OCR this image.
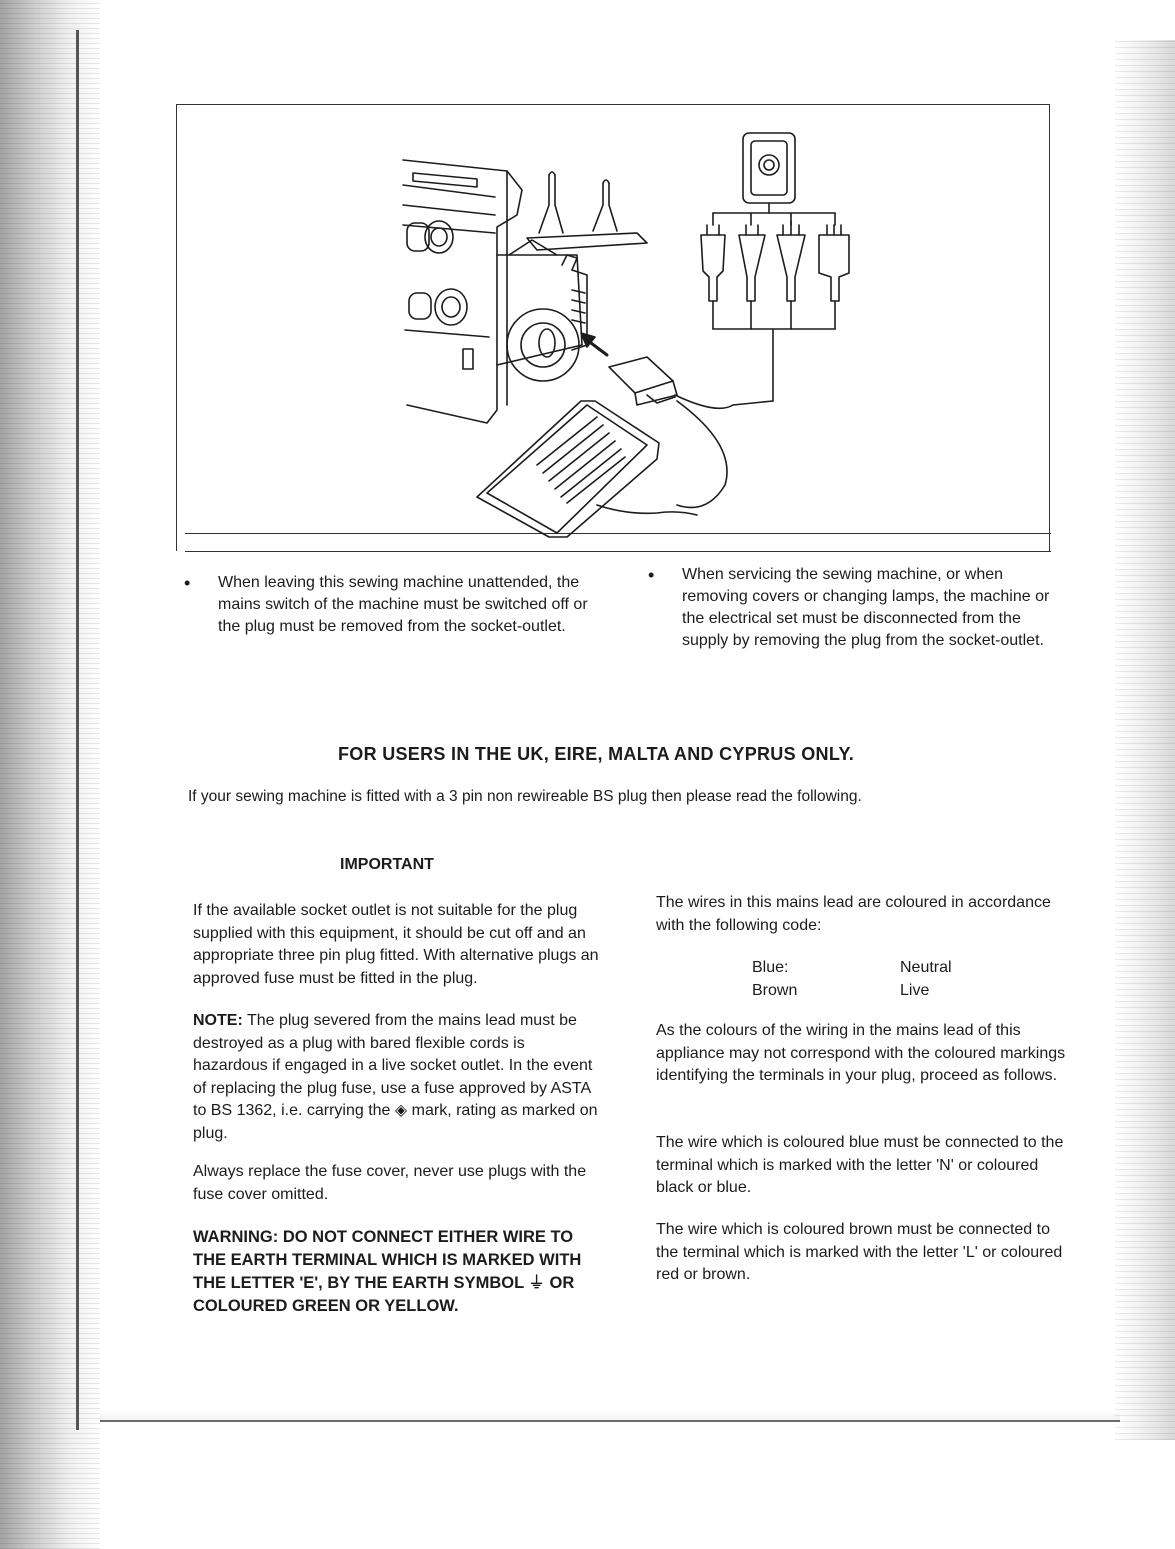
• When leaving this sewing machine unattended, the mains switch of the machine must be switched off or the plug must be removed from the socket-outlet.
• When servicing the sewing machine, or when removing covers or changing lamps, the machine or the electrical set must be disconnected from the supply by removing the plug from the socket-outlet.
FOR USERS IN THE UK, EIRE, MALTA AND CYPRUS ONLY.
If your sewing machine is fitted with a 3 pin non rewireable BS plug then please read the following.
IMPORTANT
If the available socket outlet is not suitable for the plug supplied with this equipment, it should be cut off and an appropriate three pin plug fitted. With alternative plugs an approved fuse must be fitted in the plug.
NOTE: The plug severed from the mains lead must be destroyed as a plug with bared flexible cords is hazardous if engaged in a live socket outlet. In the event of replacing the plug fuse, use a fuse approved by ASTA to BS 1362, i.e. carrying the ◈ mark, rating as marked on plug.
Always replace the fuse cover, never use plugs with the fuse cover omitted.
WARNING: DO NOT CONNECT EITHER WIRE TO THE EARTH TERMINAL WHICH IS MARKED WITH THE LETTER 'E', BY THE EARTH SYMBOL ⏚ OR COLOURED GREEN OR YELLOW.
The wires in this mains lead are coloured in accordance with the following code:
Blue:	Neutral
Brown	Live
As the colours of the wiring in the mains lead of this appliance may not correspond with the coloured markings identifying the terminals in your plug, proceed as follows.
The wire which is coloured blue must be connected to the terminal which is marked with the letter 'N' or coloured black or blue.
The wire which is coloured brown must be connected to the terminal which is marked with the letter 'L' or coloured red or brown.
